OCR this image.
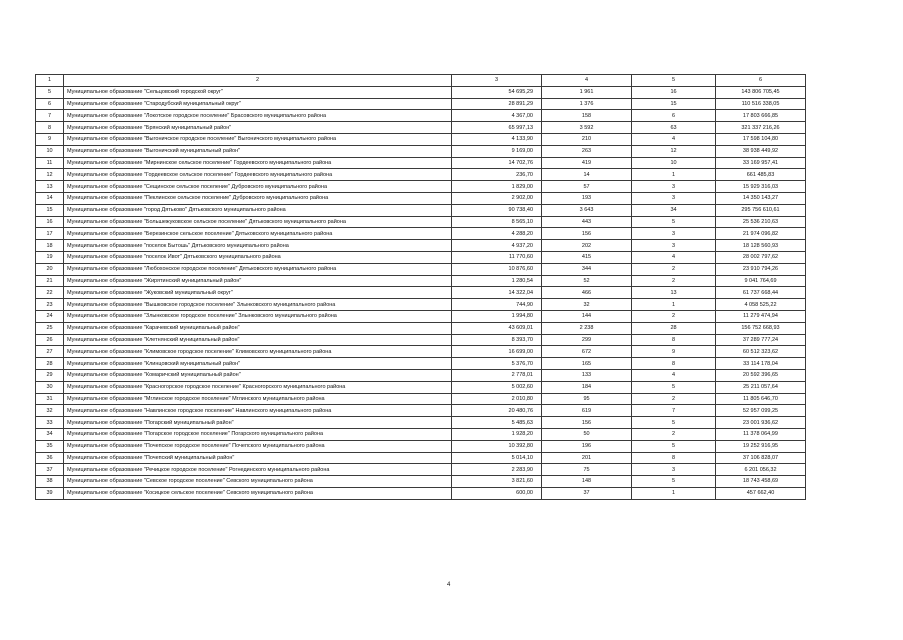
1	2	3	4	5	6
5	Муниципальное образование "Сельцовский городской округ"	54 695,29	1 961	16	143 806 705,45
6	Муниципальное образование "Стародубский муниципальный округ"	28 891,29	1 376	15	110 516 338,05
7	Муниципальное образование "Локотское городское поселение" Брасовского муниципального района	4 367,00	158	6	17 803 666,85
8	Муниципальное образование "Брянский муниципальный район"	65 997,13	3 592	63	321 337 216,26
9	Муниципальное образование "Выгоничское городское поселение" Выгоничского муниципального района	4 133,90	210	4	17 598 104,80
10	Муниципальное образование "Выгоничский муниципальный район"	9 169,00	263	12	38 938 449,92
11	Муниципальное образование "Мирнинское сельское поселение" Гордеевского муниципального района	14 702,76	419	10	33 169 957,41
12	Муниципальное образование "Гордеевское сельское поселение" Гордеевского муниципального района	236,70	14	1	661 485,83
13	Муниципальное образование "Сещинское сельское поселение" Дубровского муниципального района	1 829,00	57	3	15 929 316,03
14	Муниципальное образование "Пеклинское сельское поселение" Дубровского муниципального района	2 902,00	193	3	14 350 143,27
15	Муниципальное образование "город Дятьково" Дятьковского муниципального района	90 738,40	3 643	34	295 756 610,61
16	Муниципальное образование "Большежуковское сельское поселение" Дятьковского муниципального района	8 565,10	443	5	25 536 210,63
17	Муниципальное образование "Березинское сельское поселение" Дятьковского муниципального района	4 288,20	156	3	21 974 096,82
18	Муниципальное образование "поселок Бытошь" Дятьковского муниципального района	4 937,20	202	3	18 128 560,93
19	Муниципальное образование "поселок Ивот" Дятьковского муниципального района	11 770,60	415	4	28 002 797,62
20	Муниципальное образование "Любохонское городское поселение" Дятьковского муниципального района	10 876,60	344	2	23 910 794,26
21	Муниципальное образование "Жирятинский муниципальный район"	1 280,54	52	2	9 041 764,69
22	Муниципальное образование "Жуковский муниципальный округ"	14 322,04	466	13	61 737 668,44
23	Муниципальное образование "Вышковское городское поселение" Злынковского муниципального района	744,90	32	1	4 058 525,22
24	Муниципальное образование "Злынковское городское поселение" Злынковского муниципального района	1 994,80	144	2	11 279 474,94
25	Муниципальное образование "Карачевский муниципальный район"	43 609,01	2 238	28	156 752 668,93
26	Муниципальное образование "Клетнянский муниципальный район"	8 393,70	299	8	37 289 777,24
27	Муниципальное образование "Климовское городское поселение" Климовского муниципального района	16 699,00	672	9	60 512 323,62
28	Муниципальное образование "Клинцовский муниципальный район"	5 376,70	165	8	33 114 178,04
29	Муниципальное образование "Комаричский муниципальный район"	2 778,01	133	4	20 592 396,65
30	Муниципальное образование "Красногорское городское поселение" Красногорского муниципального района	5 002,60	184	5	25 211 057,64
31	Муниципальное образование "Мглинское городское поселение" Мглинского муниципального района	2 010,80	95	2	11 805 646,70
32	Муниципальное образование "Навлинское городское поселение" Навлинского муниципального района	20 480,76	619	7	52 957 099,25
33	Муниципальное образование "Погарский муниципальный район"	5 485,63	156	5	23 001 936,62
34	Муниципальное образование "Погарское городское поселение" Погарского муниципального района	1 928,20	50	2	11 378 064,99
35	Муниципальное образование "Почепское городское поселение" Почепского муниципального района	10 392,80	196	5	19 252 916,95
36	Муниципальное образование "Почепский муниципальный район"	5 014,10	201	8	37 106 828,07
37	Муниципальное образование "Речицкое городское поселение" Рогнединского муниципального района	2 283,90	75	3	6 201 056,32
38	Муниципальное образование "Севское городское поселение" Севского муниципального района	3 821,60	148	5	18 743 458,69
39	Муниципальное образование "Косицкое сельское поселение" Севского муниципального района	600,00	37	1	457 662,40
4
